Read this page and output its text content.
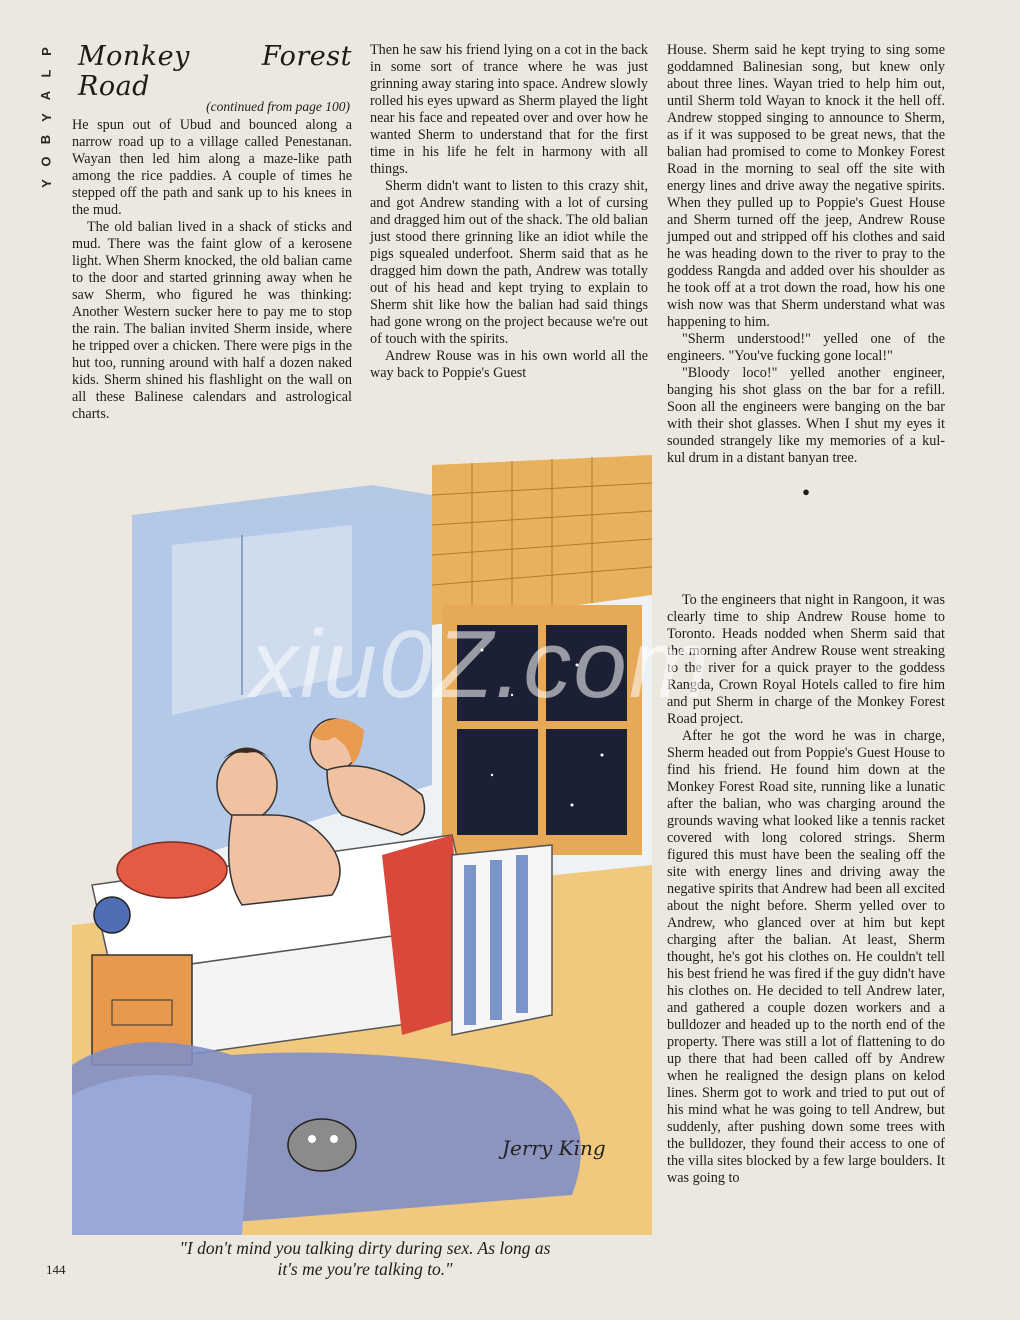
P
L
A
Y
B
O
Y
Monkey Forest Road
(continued from page 100)

He spun out of Ubud and bounced along a narrow road up to a village called Penestanan. Wayan then led him along a maze-like path among the rice paddies. A couple of times he stepped off the path and sank up to his knees in the mud.

The old balian lived in a shack of sticks and mud. There was the faint glow of a kerosene light. When Sherm knocked, the old balian came to the door and started grinning away when he saw Sherm, who figured he was thinking: Another Western sucker here to pay me to stop the rain. The balian invited Sherm inside, where he tripped over a chicken. There were pigs in the hut too, running around with half a dozen naked kids. Sherm shined his flashlight on the wall on all these Balinese calendars and astrological charts.

Then he saw his friend lying on a cot in the back in some sort of trance where he was just grinning away staring into space. Andrew slowly rolled his eyes upward as Sherm played the light near his face and repeated over and over how he wanted Sherm to understand that for the first time in his life he felt in harmony with all things.

Sherm didn't want to listen to this crazy shit, and got Andrew standing with a lot of cursing and dragged him out of the shack. The old balian just stood there grinning like an idiot while the pigs squealed underfoot. Sherm said that as he dragged him down the path, Andrew was totally out of his head and kept trying to explain to Sherm shit like how the balian had said things had gone wrong on the project because we're out of touch with the spirits.

Andrew Rouse was in his own world all the way back to Poppie's Guest

House. Sherm said he kept trying to sing some goddamned Balinesian song, but knew only about three lines. Wayan tried to help him out, until Sherm told Wayan to knock it the hell off. Andrew stopped singing to announce to Sherm, as if it was supposed to be great news, that the balian had promised to come to Monkey Forest Road in the morning to seal off the site with energy lines and drive away the negative spirits. When they pulled up to Poppie's Guest House and Sherm turned off the jeep, Andrew Rouse jumped out and stripped off his clothes and said he was heading down to the river to pray to the goddess Rangda and added over his shoulder as he took off at a trot down the road, how his one wish now was that Sherm understand what was happening to him.

"Sherm understood!" yelled one of the engineers. "You've fucking gone local!"

"Bloody loco!" yelled another engineer, banging his shot glass on the bar for a refill. Soon all the engineers were banging on the bar with their shot glasses. When I shut my eyes it sounded strangely like my memories of a kul-kul drum in a distant banyan tree.

●

To the engineers that night in Rangoon, it was clearly time to ship Andrew Rouse home to Toronto. Heads nodded when Sherm said that the morning after Andrew Rouse went streaking to the river for a quick prayer to the goddess Rangda, Crown Royal Hotels called to fire him and put Sherm in charge of the Monkey Forest Road project.

After he got the word he was in charge, Sherm headed out from Poppie's Guest House to find his friend. He found him down at the Monkey Forest Road site, running like a lunatic after the balian, who was charging around the grounds waving what looked like a tennis racket covered with long colored strings. Sherm figured this must have been the sealing off the site with energy lines and driving away the negative spirits that Andrew had been all excited about the night before. Sherm yelled over to Andrew, who glanced over at him but kept charging after the balian. At least, Sherm thought, he's got his clothes on. He couldn't tell his best friend he was fired if the guy didn't have his clothes on. He decided to tell Andrew later, and gathered a couple dozen workers and a bulldozer and headed up to the north end of the property. There was still a lot of flattening to do up there that had been called off by Andrew when he realigned the design plans on kelod lines. Sherm got to work and tried to put out of his mind what he was going to tell Andrew, but suddenly, after pushing down some trees with the bulldozer, they found their access to one of the villa sites blocked by a few large boulders. It was going to

Jerry King
xiu0Z.com
"I don't mind you talking dirty during sex. As long as
it's me you're talking to."
144
